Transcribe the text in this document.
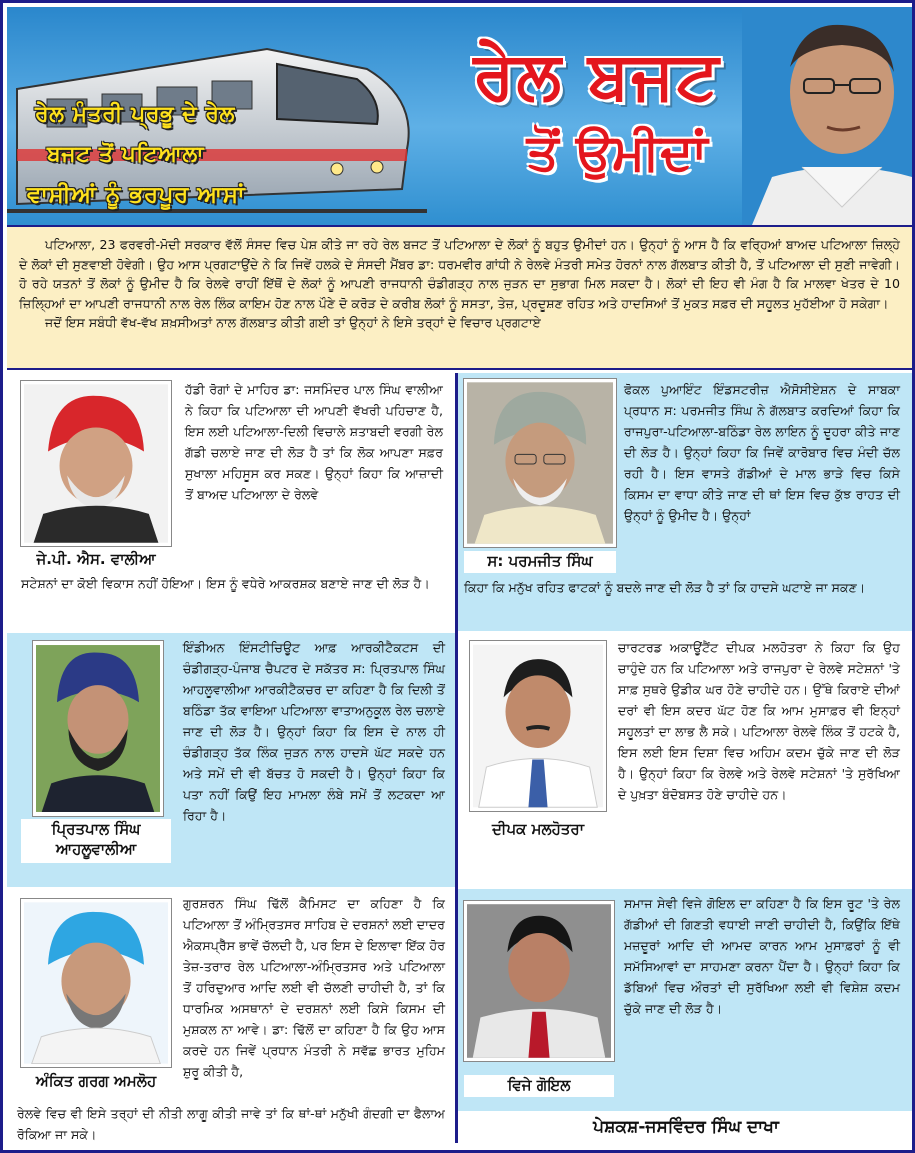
ਰੇਲ ਮੰਤਰੀ ਪ੍ਰਭੂ ਦੇ ਰੇਲ
ਬਜਟ ਤੋਂ ਪਟਿਆਲਾ
ਵਾਸੀਆਂ ਨੂੰ ਭਰਪੂਰ ਆਸਾਂ
ਰੇਲ ਬਜਟ
ਤੋਂ ਉਮੀਦਾਂ

ਪਟਿਆਲਾ, 23 ਫਰਵਰੀ-ਮੋਦੀ ਸਰਕਾਰ ਵੱਲੋਂ ਸੰਸਦ ਵਿਚ ਪੇਸ਼ ਕੀਤੇ ਜਾ ਰਹੇ ਰੇਲ ਬਜਟ ਤੋਂ ਪਟਿਆਲਾ ਦੇ ਲੋਕਾਂ ਨੂੰ ਬਹੁਤ ਉਮੀਦਾਂ ਹਨ। ਉਨ੍ਹਾਂ ਨੂੰ ਆਸ ਹੈ ਕਿ ਵਰ੍ਹਿਆਂ ਬਾਅਦ ਪਟਿਆਲਾ ਜ਼ਿਲ੍ਹੇ ਦੇ ਲੋਕਾਂ ਦੀ ਸੁਣਵਾਈ ਹੋਵੇਗੀ। ਉਹ ਆਸ ਪ੍ਰਗਟਾਉਂਦੇ ਨੇ ਕਿ ਜਿਵੇਂ ਹਲਕੇ ਦੇ ਸੰਸਦੀ ਮੈਂਬਰ ਡਾ: ਧਰਮਵੀਰ ਗਾਂਧੀ ਨੇ ਰੇਲਵੇ ਮੰਤਰੀ ਸਮੇਤ ਹੋਰਨਾਂ ਨਾਲ ਗੱਲਬਾਤ ਕੀਤੀ ਹੈ, ਤੋਂ ਪਟਿਆਲਾ ਦੀ ਸੁਣੀ ਜਾਵੇਗੀ। ਹੋ ਰਹੇ ਯਤਨਾਂ ਤੋਂ ਲੋਕਾਂ ਨੂੰ ਉਮੀਦ ਹੈ ਕਿ ਰੇਲਵੇ ਰਾਹੀਂ ਇੱਥੋਂ ਦੇ ਲੋਕਾਂ ਨੂੰ ਆਪਣੀ ਰਾਜਧਾਨੀ ਚੰਡੀਗੜ੍ਹ ਨਾਲ ਜੁੜਨ ਦਾ ਸੁਭਾਗ ਮਿਲ ਸਕਦਾ ਹੈ। ਲੋਕਾਂ ਦੀ ਇਹ ਵੀ ਮੰਗ ਹੈ ਕਿ ਮਾਲਵਾ ਖੇਤਰ ਦੇ 10 ਜ਼ਿਲ੍ਹਿਆਂ ਦਾ ਆਪਣੀ ਰਾਜਧਾਨੀ ਨਾਲ ਰੇਲ ਲਿੰਕ ਕਾਇਮ ਹੋਣ ਨਾਲ ਪੌਣੇ ਦੋ ਕਰੋੜ ਦੇ ਕਰੀਬ ਲੋਕਾਂ ਨੂੰ ਸਸਤਾ, ਤੇਜ਼, ਪ੍ਰਦੂਸ਼ਣ ਰਹਿਤ ਅਤੇ ਹਾਦਸਿਆਂ ਤੋਂ ਮੁਕਤ ਸਫ਼ਰ ਦੀ ਸਹੂਲਤ ਮੁਹੱਈਆ ਹੋ ਸਕੇਗਾ।

ਜਦੋਂ ਇਸ ਸਬੰਧੀ ਵੱਖ-ਵੱਖ ਸ਼ਖ਼ਸੀਅਤਾਂ ਨਾਲ ਗੱਲਬਾਤ ਕੀਤੀ ਗਈ ਤਾਂ ਉਨ੍ਹਾਂ ਨੇ ਇਸੇ ਤਰ੍ਹਾਂ ਦੇ ਵਿਚਾਰ ਪ੍ਰਗਟਾਏ

ਜੇ.ਪੀ. ਐਸ. ਵਾਲੀਆ
ਹੱਡੀ ਰੋਗਾਂ ਦੇ ਮਾਹਿਰ ਡਾ: ਜਸਮਿੰਦਰ ਪਾਲ ਸਿੰਘ ਵਾਲੀਆ ਨੇ ਕਿਹਾ ਕਿ ਪਟਿਆਲਾ ਦੀ ਆਪਣੀ ਵੱਖਰੀ ਪਹਿਚਾਣ ਹੈ, ਇਸ ਲਈ ਪਟਿਆਲਾ-ਦਿਲੀ ਵਿਚਾਲੇ ਸ਼ਤਾਬਦੀ ਵਰਗੀ ਰੇਲ ਗੱਡੀ ਚਲਾਏ ਜਾਣ ਦੀ ਲੋੜ ਹੈ ਤਾਂ ਕਿ ਲੋਕ ਆਪਣਾ ਸਫ਼ਰ ਸੁਖਾਲਾ ਮਹਿਸੂਸ ਕਰ ਸਕਣ। ਉਨ੍ਹਾਂ ਕਿਹਾ ਕਿ ਆਜ਼ਾਦੀ ਤੋਂ ਬਾਅਦ ਪਟਿਆਲਾ ਦੇ ਰੇਲਵੇ
ਸਟੇਸ਼ਨਾਂ ਦਾ ਕੋਈ ਵਿਕਾਸ ਨਹੀਂ ਹੋਇਆ। ਇਸ ਨੂੰ ਵਧੇਰੇ ਆਕਰਸ਼ਕ ਬਣਾਏ ਜਾਣ ਦੀ ਲੋੜ ਹੈ।
ਸ: ਪਰਮਜੀਤ ਸਿੰਘ
ਫੋਕਲ ਪੁਆਇੰਟ ਇੰਡਸਟਰੀਜ਼ ਐਸੋਸੀਏਸ਼ਨ ਦੇ ਸਾਬਕਾ ਪ੍ਰਧਾਨ ਸ: ਪਰਮਜੀਤ ਸਿੰਘ ਨੇ ਗੱਲਬਾਤ ਕਰਦਿਆਂ ਕਿਹਾ ਕਿ ਰਾਜਪੁਰਾ-ਪਟਿਆਲਾ-ਬਠਿੰਡਾ ਰੇਲ ਲਾਇਨ ਨੂੰ ਦੂਹਰਾ ਕੀਤੇ ਜਾਣ ਦੀ ਲੋੜ ਹੈ। ਉਨ੍ਹਾਂ ਕਿਹਾ ਕਿ ਜਿਵੇਂ ਕਾਰੋਬਾਰ ਵਿਚ ਮੰਦੀ ਚੱਲ ਰਹੀ ਹੈ। ਇਸ ਵਾਸਤੇ ਗੱਡੀਆਂ ਦੇ ਮਾਲ ਭਾੜੇ ਵਿਚ ਕਿਸੇ ਕਿਸਮ ਦਾ ਵਾਧਾ ਕੀਤੇ ਜਾਣ ਦੀ ਥਾਂ ਇਸ ਵਿਚ ਕੁੱਝ ਰਾਹਤ ਦੀ ਉਨ੍ਹਾਂ ਨੂੰ ਉਮੀਦ ਹੈ। ਉਨ੍ਹਾਂ
ਕਿਹਾ ਕਿ ਮਨੁੱਖ ਰਹਿਤ ਫਾਟਕਾਂ ਨੂੰ ਬਦਲੇ ਜਾਣ ਦੀ ਲੋੜ ਹੈ ਤਾਂ ਕਿ ਹਾਦਸੇ ਘਟਾਏ ਜਾ ਸਕਣ।
ਪ੍ਰਿਤਪਾਲ ਸਿੰਘ
ਆਹਲੂਵਾਲੀਆ
ਇੰਡੀਅਨ ਇੰਸਟੀਚਿਊਟ ਆਫ਼ ਆਰਕੀਟੈਕਟਸ ਦੀ ਚੰਡੀਗੜ੍ਹ-ਪੰਜਾਬ ਚੈਪਟਰ ਦੇ ਸਕੱਤਰ ਸ: ਪ੍ਰਿਤਪਾਲ ਸਿੰਘ ਆਹਲੂਵਾਲੀਆ ਆਰਕੀਟੈਕਚਰ ਦਾ ਕਹਿਣਾ ਹੈ ਕਿ ਦਿਲੀ ਤੋਂ ਬਠਿੰਡਾ ਤੱਕ ਵਾਇਆ ਪਟਿਆਲਾ ਵਾਤਾਅਨੁਕੂਲ ਰੇਲ ਚਲਾਏ ਜਾਣ ਦੀ ਲੋੜ ਹੈ। ਉਨ੍ਹਾਂ ਕਿਹਾ ਕਿ ਇਸ ਦੇ ਨਾਲ ਹੀ ਚੰਡੀਗੜ੍ਹ ਤੱਕ ਲਿੰਕ ਜੁੜਨ ਨਾਲ ਹਾਦਸੇ ਘੱਟ ਸਕਦੇ ਹਨ ਅਤੇ ਸਮੇਂ ਦੀ ਵੀ ਬੱਚਤ ਹੋ ਸਕਦੀ ਹੈ। ਉਨ੍ਹਾਂ ਕਿਹਾ ਕਿ ਪਤਾ ਨਹੀਂ ਕਿਉਂ ਇਹ ਮਾਮਲਾ ਲੰਬੇ ਸਮੇਂ ਤੋਂ ਲਟਕਦਾ ਆ ਰਿਹਾ ਹੈ।
ਦੀਪਕ ਮਲਹੋਤਰਾ
ਚਾਰਟਰਡ ਅਕਾਊਂਟੈਂਟ ਦੀਪਕ ਮਲਹੋਤਰਾ ਨੇ ਕਿਹਾ ਕਿ ਉਹ ਚਾਹੁੰਦੇ ਹਨ ਕਿ ਪਟਿਆਲਾ ਅਤੇ ਰਾਜਪੁਰਾ ਦੇ ਰੇਲਵੇ ਸਟੇਸ਼ਨਾਂ 'ਤੇ ਸਾਫ਼ ਸੁਥਰੇ ਉਡੀਕ ਘਰ ਹੋਣੇ ਚਾਹੀਦੇ ਹਨ। ਉੱਥੇ ਕਿਰਾਏ ਦੀਆਂ ਦਰਾਂ ਵੀ ਇਸ ਕਦਰ ਘੱਟ ਹੋਣ ਕਿ ਆਮ ਮੁਸਾਫ਼ਰ ਵੀ ਇਨ੍ਹਾਂ ਸਹੂਲਤਾਂ ਦਾ ਲਾਭ ਲੈ ਸਕੇ। ਪਟਿਆਲਾ ਰੇਲਵੇ ਲਿੰਕ ਤੋਂ ਹਟਕੇ ਹੈ, ਇਸ ਲਈ ਇਸ ਦਿਸ਼ਾ ਵਿਚ ਅਹਿਮ ਕਦਮ ਚੁੱਕੇ ਜਾਣ ਦੀ ਲੋੜ ਹੈ। ਉਨ੍ਹਾਂ ਕਿਹਾ ਕਿ ਰੇਲਵੇ ਅਤੇ ਰੇਲਵੇ ਸਟੇਸ਼ਨਾਂ 'ਤੇ ਸੁਰੱਖਿਆ ਦੇ ਪੁਖ਼ਤਾ ਬੰਦੋਬਸਤ ਹੋਣੇ ਚਾਹੀਦੇ ਹਨ।
ਅੰਕਿਤ ਗਰਗ ਅਮਲੋਹ
ਗੁਰਸ਼ਰਨ ਸਿੰਘ ਢਿੱਲੋਂ ਕੈਮਿਸਟ ਦਾ ਕਹਿਣਾ ਹੈ ਕਿ ਪਟਿਆਲਾ ਤੋਂ ਅੰਮ੍ਰਿਤਸਰ ਸਾਹਿਬ ਦੇ ਦਰਸ਼ਨਾਂ ਲਈ ਦਾਦਰ ਐਕਸਪ੍ਰੈੱਸ ਭਾਵੇਂ ਚੱਲਦੀ ਹੈ, ਪਰ ਇਸ ਦੇ ਇਲਾਵਾ ਇੱਕ ਹੋਰ ਤੇਜ਼-ਤਰਾਰ ਰੇਲ ਪਟਿਆਲਾ-ਅੰਮ੍ਰਿਤਸਰ ਅਤੇ ਪਟਿਆਲਾ ਤੋਂ ਹਰਿਦੁਆਰ ਆਦਿ ਲਈ ਵੀ ਚੱਲਣੀ ਚਾਹੀਦੀ ਹੈ, ਤਾਂ ਕਿ ਧਾਰਮਿਕ ਅਸਥਾਨਾਂ ਦੇ ਦਰਸ਼ਨਾਂ ਲਈ ਕਿਸੇ ਕਿਸਮ ਦੀ ਮੁਸ਼ਕਲ ਨਾ ਆਵੇ। ਡਾ: ਢਿੱਲੋਂ ਦਾ ਕਹਿਣਾ ਹੈ ਕਿ ਉਹ ਆਸ ਕਰਦੇ ਹਨ ਜਿਵੇਂ ਪ੍ਰਧਾਨ ਮੰਤਰੀ ਨੇ ਸਵੱਛ ਭਾਰਤ ਮੁਹਿਮ ਸ਼ੁਰੂ ਕੀਤੀ ਹੈ,
ਰੇਲਵੇ ਵਿਚ ਵੀ ਇਸੇ ਤਰ੍ਹਾਂ ਦੀ ਨੀਤੀ ਲਾਗੂ ਕੀਤੀ ਜਾਵੇ ਤਾਂ ਕਿ ਥਾਂ-ਥਾਂ ਮਨੁੱਖੀ ਗੰਦਗੀ ਦਾ ਫੈਲਾਅ ਰੋਕਿਆ ਜਾ ਸਕੇ।
ਵਿਜੇ ਗੋਇਲ
ਸਮਾਜ ਸੇਵੀ ਵਿਜੇ ਗੋਇਲ ਦਾ ਕਹਿਣਾ ਹੈ ਕਿ ਇਸ ਰੂਟ 'ਤੇ ਰੇਲ ਗੱਡੀਆਂ ਦੀ ਗਿਣਤੀ ਵਧਾਈ ਜਾਣੀ ਚਾਹੀਦੀ ਹੈ, ਕਿਉਂਕਿ ਇੱਥੇ ਮਜ਼ਦੂਰਾਂ ਆਦਿ ਦੀ ਆਮਦ ਕਾਰਨ ਆਮ ਮੁਸਾਫ਼ਰਾਂ ਨੂੰ ਵੀ ਸਮੱਸਿਆਵਾਂ ਦਾ ਸਾਹਮਣਾ ਕਰਨਾ ਪੈਂਦਾ ਹੈ। ਉਨ੍ਹਾਂ ਕਿਹਾ ਕਿ ਡੱਬਿਆਂ ਵਿਚ ਔਰਤਾਂ ਦੀ ਸੁਰੱਖਿਆ ਲਈ ਵੀ ਵਿਸ਼ੇਸ਼ ਕਦਮ ਚੁੱਕੇ ਜਾਣ ਦੀ ਲੋੜ ਹੈ।
ਪੇਸ਼ਕਸ਼-ਜਸਵਿੰਦਰ ਸਿੰਘ ਦਾਖਾ
